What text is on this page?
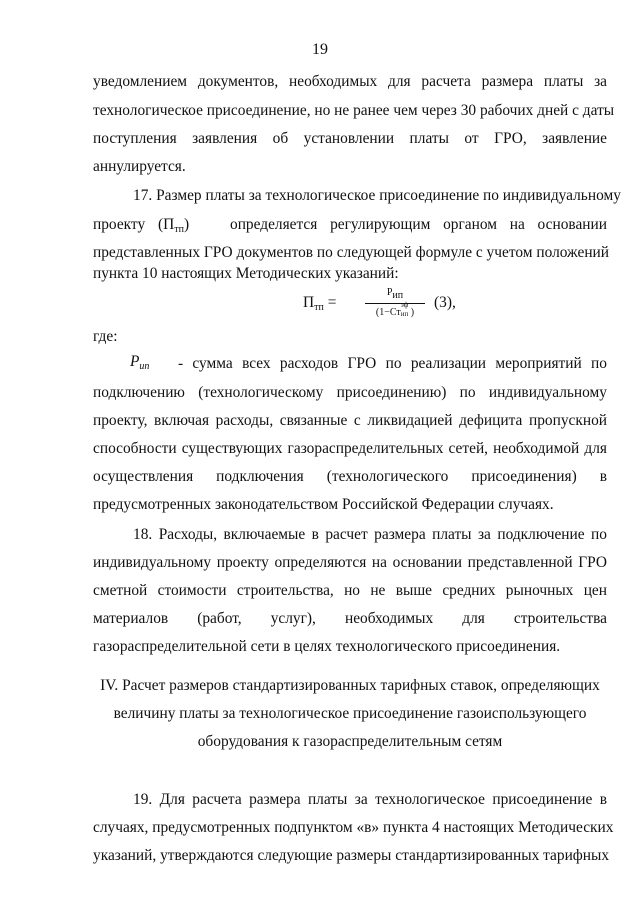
19
уведомлением документов, необходимых для расчета размера платы за
технологическое присоединение, но не ранее чем через 30 рабочих дней с даты
поступления заявления об установлении платы от ГРО, заявление
аннулируется.
17. Размер платы за технологическое присоединение по индивидуальному
проекту $(П_{тп})$	определяется регулирующим органом на основании
представленных ГРО документов по следующей формуле с учетом положений
пункта 10 настоящих Методических указаний:
$П_{тп}$ =
Рип
(1−Ст
эф
ип )
(3),
где:
$Р_{ип}$ - сумма всех расходов ГРО по реализации мероприятий по
подключению (технологическому присоединению) по индивидуальному
проекту, включая расходы, связанные с ликвидацией дефицита пропускной
способности существующих газораспределительных сетей, необходимой для
осуществления подключения (технологического присоединения) в
предусмотренных законодательством Российской Федерации случаях.
18. Расходы, включаемые в расчет размера платы за подключение по
индивидуальному проекту определяются на основании представленной ГРО
сметной стоимости строительства, но не выше средних рыночных цен
материалов (работ, услуг), необходимых для строительства
газораспределительной сети в целях технологического присоединения.
IV. Расчет размеров стандартизированных тарифных ставок, определяющих
величину платы за технологическое присоединение газоиспользующего
оборудования к газораспределительным сетям
19. Для расчета размера платы за технологическое присоединение в
случаях, предусмотренных подпунктом «в» пункта 4 настоящих Методических
указаний, утверждаются следующие размеры стандартизированных тарифных
